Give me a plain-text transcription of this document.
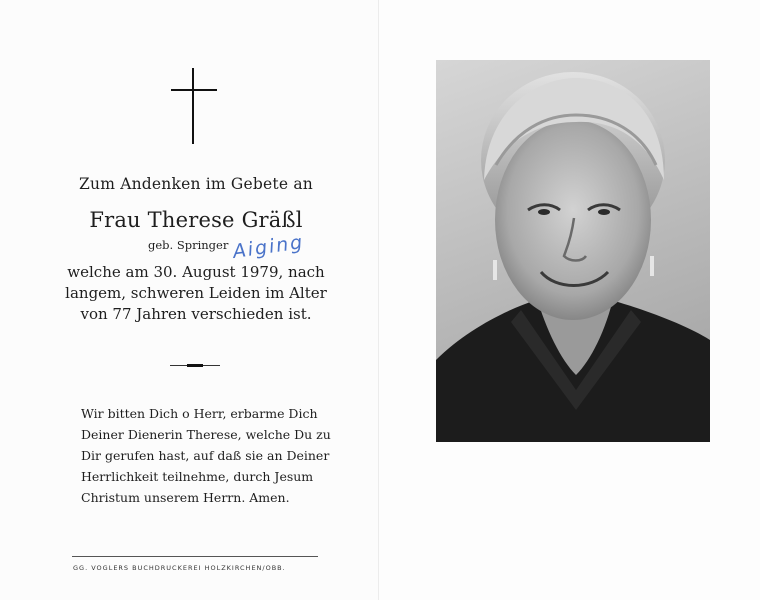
Zum Andenken im Gebete an
Frau Therese Gräßl
geb. Springer Aiging
welche am 30. August 1979, nach
langem, schweren Leiden im Alter
von 77 Jahren verschieden ist.
Wir bitten Dich o Herr, erbarme Dich
Deiner Dienerin Therese, welche Du zu
Dir gerufen hast, auf daß sie an Deiner
Herrlichkeit teilnehme, durch Jesum
Christum unserem Herrn. Amen.
GG. VOGLERS BUCHDRUCKEREI HOLZKIRCHEN/OBB.
